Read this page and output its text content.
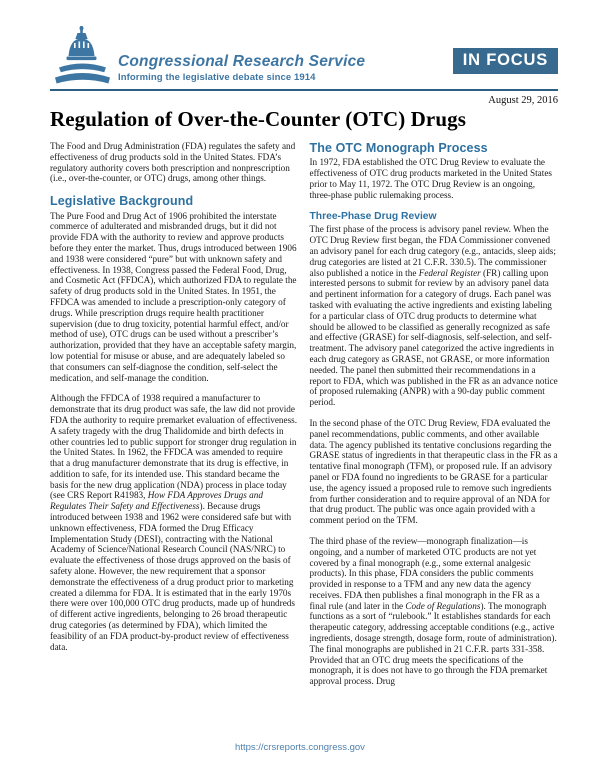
Congressional Research Service
Informing the legislative debate since 1914
IN FOCUS
August 29, 2016
Regulation of Over-the-Counter (OTC) Drugs

The Food and Drug Administration (FDA) regulates the safety and effectiveness of drug products sold in the United States. FDA’s regulatory authority covers both prescription and nonprescription (i.e., over-the-counter, or OTC) drugs, among other things.

Legislative Background

The Pure Food and Drug Act of 1906 prohibited the interstate commerce of adulterated and misbranded drugs, but it did not provide FDA with the authority to review and approve products before they enter the market. Thus, drugs introduced between 1906 and 1938 were considered “pure” but with unknown safety and effectiveness. In 1938, Congress passed the Federal Food, Drug, and Cosmetic Act (FFDCA), which authorized FDA to regulate the safety of drug products sold in the United States. In 1951, the FFDCA was amended to include a prescription-only category of drugs. While prescription drugs require health practitioner supervision (due to drug toxicity, potential harmful effect, and/or method of use), OTC drugs can be used without a prescriber’s authorization, provided that they have an acceptable safety margin, low potential for misuse or abuse, and are adequately labeled so that consumers can self-diagnose the condition, self-select the medication, and self-manage the condition.

Although the FFDCA of 1938 required a manufacturer to demonstrate that its drug product was safe, the law did not provide FDA the authority to require premarket evaluation of effectiveness. A safety tragedy with the drug Thalidomide and birth defects in other countries led to public support for stronger drug regulation in the United States. In 1962, the FFDCA was amended to require that a drug manufacturer demonstrate that its drug is effective, in addition to safe, for its intended use. This standard became the basis for the new drug application (NDA) process in place today (see CRS Report R41983, How FDA Approves Drugs and Regulates Their Safety and Effectiveness). Because drugs introduced between 1938 and 1962 were considered safe but with unknown effectiveness, FDA formed the Drug Efficacy Implementation Study (DESI), contracting with the National Academy of Science/National Research Council (NAS/NRC) to evaluate the effectiveness of those drugs approved on the basis of safety alone. However, the new requirement that a sponsor demonstrate the effectiveness of a drug product prior to marketing created a dilemma for FDA. It is estimated that in the early 1970s there were over 100,000 OTC drug products, made up of hundreds of different active ingredients, belonging to 26 broad therapeutic drug categories (as determined by FDA), which limited the feasibility of an FDA product-by-product review of effectiveness data.

The OTC Monograph Process

In 1972, FDA established the OTC Drug Review to evaluate the effectiveness of OTC drug products marketed in the United States prior to May 11, 1972. The OTC Drug Review is an ongoing, three-phase public rulemaking process.

Three-Phase Drug Review

The first phase of the process is advisory panel review. When the OTC Drug Review first began, the FDA Commissioner convened an advisory panel for each drug category (e.g., antacids, sleep aids; drug categories are listed at 21 C.F.R. 330.5). The commissioner also published a notice in the Federal Register (FR) calling upon interested persons to submit for review by an advisory panel data and pertinent information for a category of drugs. Each panel was tasked with evaluating the active ingredients and existing labeling for a particular class of OTC drug products to determine what should be allowed to be classified as generally recognized as safe and effective (GRASE) for self-diagnosis, self-selection, and self-treatment. The advisory panel categorized the active ingredients in each drug category as GRASE, not GRASE, or more information needed. The panel then submitted their recommendations in a report to FDA, which was published in the FR as an advance notice of proposed rulemaking (ANPR) with a 90-day public comment period.

In the second phase of the OTC Drug Review, FDA evaluated the panel recommendations, public comments, and other available data. The agency published its tentative conclusions regarding the GRASE status of ingredients in that therapeutic class in the FR as a tentative final monograph (TFM), or proposed rule. If an advisory panel or FDA found no ingredients to be GRASE for a particular use, the agency issued a proposed rule to remove such ingredients from further consideration and to require approval of an NDA for that drug product. The public was once again provided with a comment period on the TFM.

The third phase of the review—monograph finalization—is ongoing, and a number of marketed OTC products are not yet covered by a final monograph (e.g., some external analgesic products). In this phase, FDA considers the public comments provided in response to a TFM and any new data the agency receives. FDA then publishes a final monograph in the FR as a final rule (and later in the Code of Regulations). The monograph functions as a sort of “rulebook.” It establishes standards for each therapeutic category, addressing acceptable conditions (e.g., active ingredients, dosage strength, dosage form, route of administration). The final monographs are published in 21 C.F.R. parts 331-358. Provided that an OTC drug meets the specifications of the monograph, it is does not have to go through the FDA premarket approval process. Drug

https://crsreports.congress.gov
